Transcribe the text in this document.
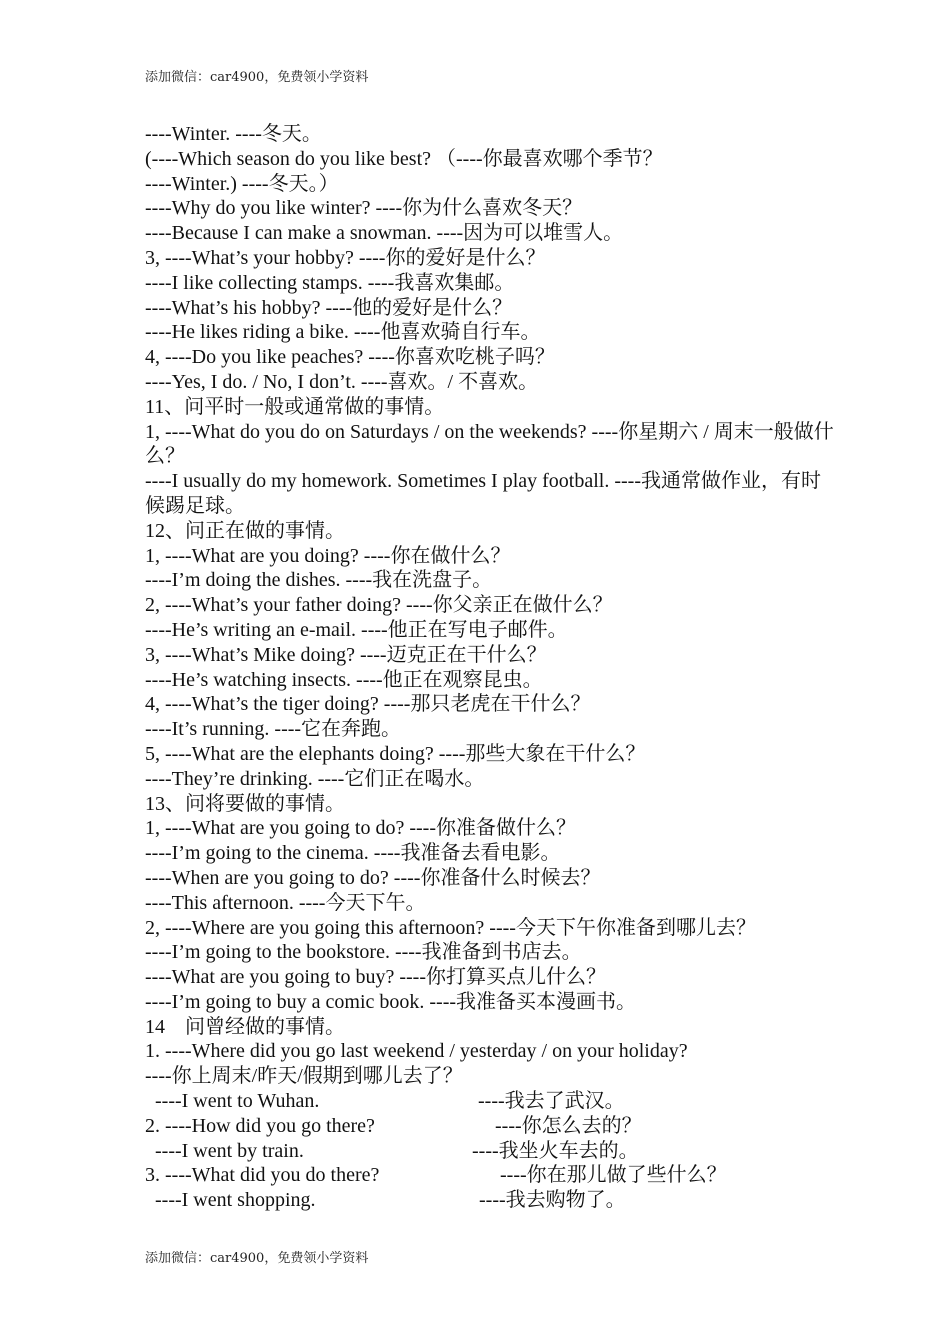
添加微信：car4900，免费领小学资料
----Winter. ----冬天。
(----Which season do you like best? （----你最喜欢哪个季节？
----Winter.) ----冬天。）
----Why do you like winter? ----你为什么喜欢冬天？
----Because I can make a snowman. ----因为可以堆雪人。
3, ----What’s your hobby? ----你的爱好是什么？
----I like collecting stamps. ----我喜欢集邮。
----What’s his hobby? ----他的爱好是什么？
----He likes riding a bike. ----他喜欢骑自行车。
4, ----Do you like peaches? ----你喜欢吃桃子吗？
----Yes, I do. / No, I don’t. ----喜欢。/ 不喜欢。
11、问平时一般或通常做的事情。
1, ----What do you do on Saturdays / on the weekends? ----你星期六 / 周末一般做什么？
----I usually do my homework. Sometimes I play football. ----我通常做作业，有时候踢足球。
12、问正在做的事情。
1, ----What are you doing? ----你在做什么？
----I’m doing the dishes. ----我在洗盘子。
2, ----What’s your father doing? ----你父亲正在做什么？
----He’s writing an e-mail. ----他正在写电子邮件。
3, ----What’s Mike doing? ----迈克正在干什么？
----He’s watching insects. ----他正在观察昆虫。
4, ----What’s the tiger doing? ----那只老虎在干什么？
----It’s running. ----它在奔跑。
5, ----What are the elephants doing? ----那些大象在干什么？
----They’re drinking. ----它们正在喝水。
13、问将要做的事情。
1, ----What are you going to do? ----你准备做什么？
----I’m going to the cinema. ----我准备去看电影。
----When are you going to do? ----你准备什么时候去？
----This afternoon. ----今天下午。
2, ----Where are you going this afternoon? ----今天下午你准备到哪儿去？
----I’m going to the bookstore. ----我准备到书店去。
----What are you going to buy? ----你打算买点儿什么？
----I’m going to buy a comic book. ----我准备买本漫画书。
14　问曾经做的事情。
1. ----Where did you go last weekend / yesterday / on your holiday?
----你上周末/昨天/假期到哪儿去了？
----I went to Wuhan.	----我去了武汉。
2. ----How did you go there?	----你怎么去的？
----I went by train.	----我坐火车去的。
3. ----What did you do there?	----你在那儿做了些什么？
----I went shopping.	----我去购物了。
添加微信：car4900，免费领小学资料
